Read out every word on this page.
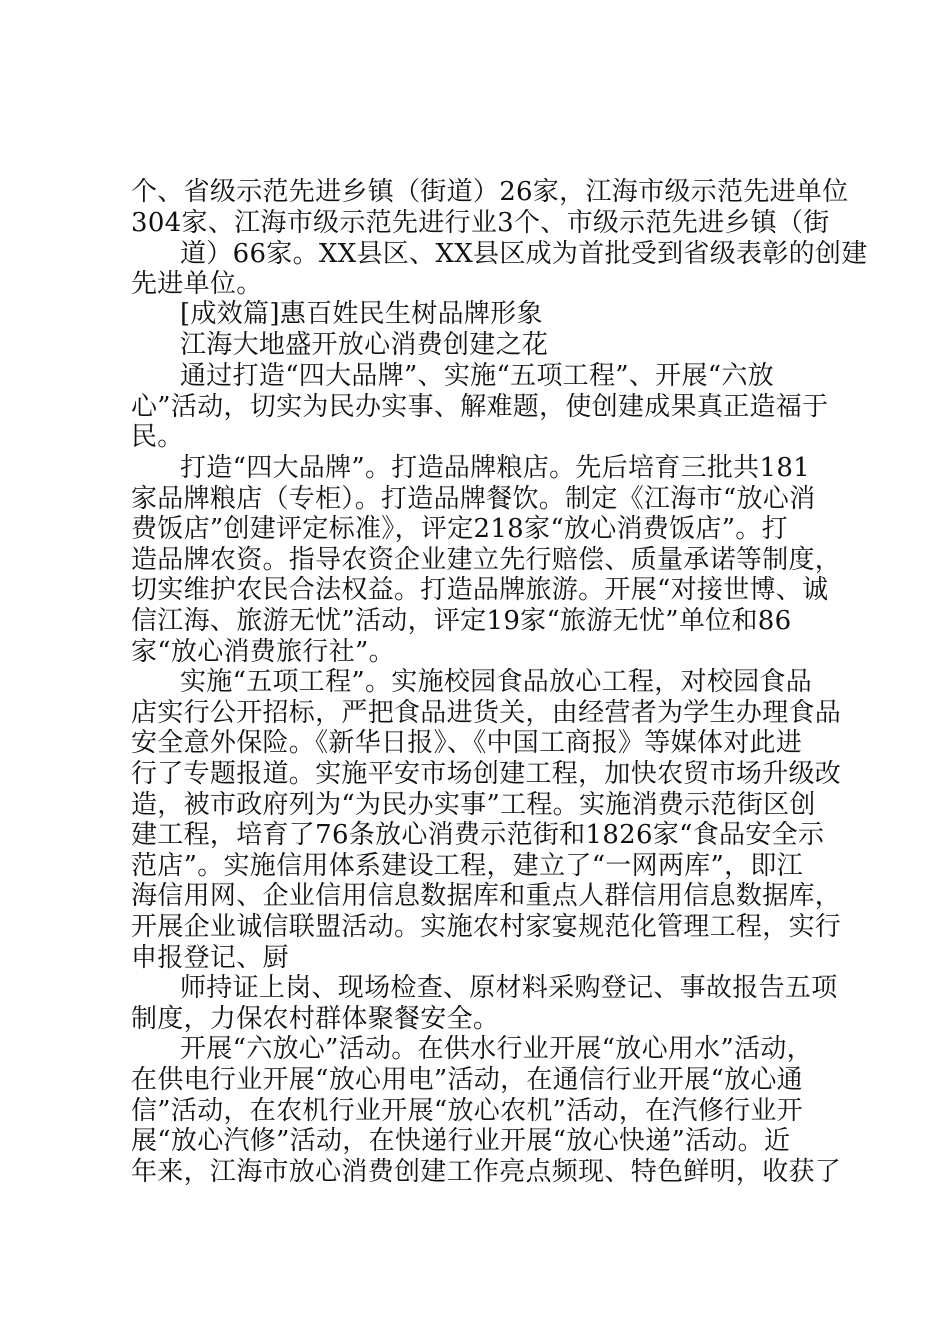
个、省级示范先进乡镇（街道）26家，江海市级示范先进单位
304家、江海市级示范先进行业3个、市级示范先进乡镇（街
道）66家。XX县区、XX县区成为首批受到省级表彰的创建
先进单位。
[成效篇]惠百姓民生树品牌形象
江海大地盛开放心消费创建之花
通过打造“四大品牌”、实施“五项工程”、开展“六放
心”活动，切实为民办实事、解难题，使创建成果真正造福于
民。
打造“四大品牌”。打造品牌粮店。先后培育三批共181
家品牌粮店（专柜）。打造品牌餐饮。制定《江海市“放心消
费饭店”创建评定标准》，评定218家“放心消费饭店”。打
造品牌农资。指导农资企业建立先行赔偿、质量承诺等制度，
切实维护农民合法权益。打造品牌旅游。开展“对接世博、诚
信江海、旅游无忧”活动，评定19家“旅游无忧”单位和86
家“放心消费旅行社”。
实施“五项工程”。实施校园食品放心工程，对校园食品
店实行公开招标，严把食品进货关，由经营者为学生办理食品
安全意外保险。《新华日报》、《中国工商报》等媒体对此进
行了专题报道。实施平安市场创建工程，加快农贸市场升级改
造，被市政府列为“为民办实事”工程。实施消费示范街区创
建工程，培育了76条放心消费示范街和1826家“食品安全示
范店”。实施信用体系建设工程，建立了“一网两库”，即江
海信用网、企业信用信息数据库和重点人群信用信息数据库，
开展企业诚信联盟活动。实施农村家宴规范化管理工程，实行
申报登记、厨
师持证上岗、现场检查、原材料采购登记、事故报告五项
制度，力保农村群体聚餐安全。
开展“六放心”活动。在供水行业开展“放心用水”活动，
在供电行业开展“放心用电”活动，在通信行业开展“放心通
信”活动，在农机行业开展“放心农机”活动，在汽修行业开
展“放心汽修”活动，在快递行业开展“放心快递”活动。近
年来，江海市放心消费创建工作亮点频现、特色鲜明，收获了
